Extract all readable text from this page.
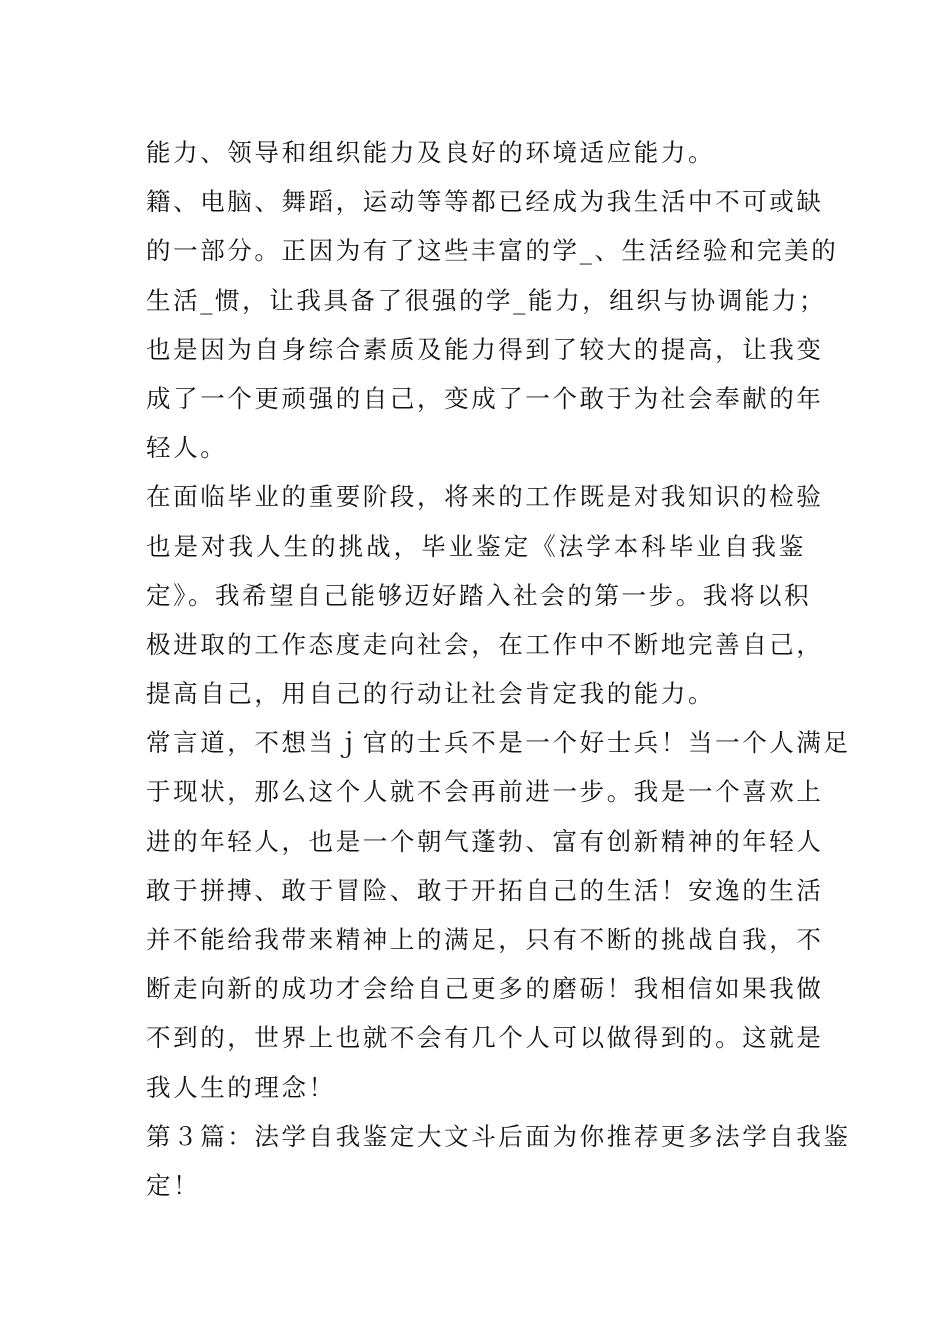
能力、领导和组织能力及良好的环境适应能力。
籍、电脑、舞蹈，运动等等都已经成为我生活中不可或缺
的一部分。正因为有了这些丰富的学_、生活经验和完美的
生活_惯，让我具备了很强的学_能力，组织与协调能力；
也是因为自身综合素质及能力得到了较大的提高，让我变
成了一个更顽强的自己，变成了一个敢于为社会奉献的年
轻人。
在面临毕业的重要阶段，将来的工作既是对我知识的检验
也是对我人生的挑战，毕业鉴定《法学本科毕业自我鉴
定》。我希望自己能够迈好踏入社会的第一步。我将以积
极进取的工作态度走向社会，在工作中不断地完善自己，
提高自己，用自己的行动让社会肯定我的能力。
常言道，不想当ｊ官的士兵不是一个好士兵！当一个人满足
于现状，那么这个人就不会再前进一步。我是一个喜欢上
进的年轻人，也是一个朝气蓬勃、富有创新精神的年轻人
敢于拼搏、敢于冒险、敢于开拓自己的生活！安逸的生活
并不能给我带来精神上的满足，只有不断的挑战自我，不
断走向新的成功才会给自己更多的磨砺！我相信如果我做
不到的，世界上也就不会有几个人可以做得到的。这就是
我人生的理念！
第３篇：法学自我鉴定大文斗后面为你推荐更多法学自我鉴
定！
